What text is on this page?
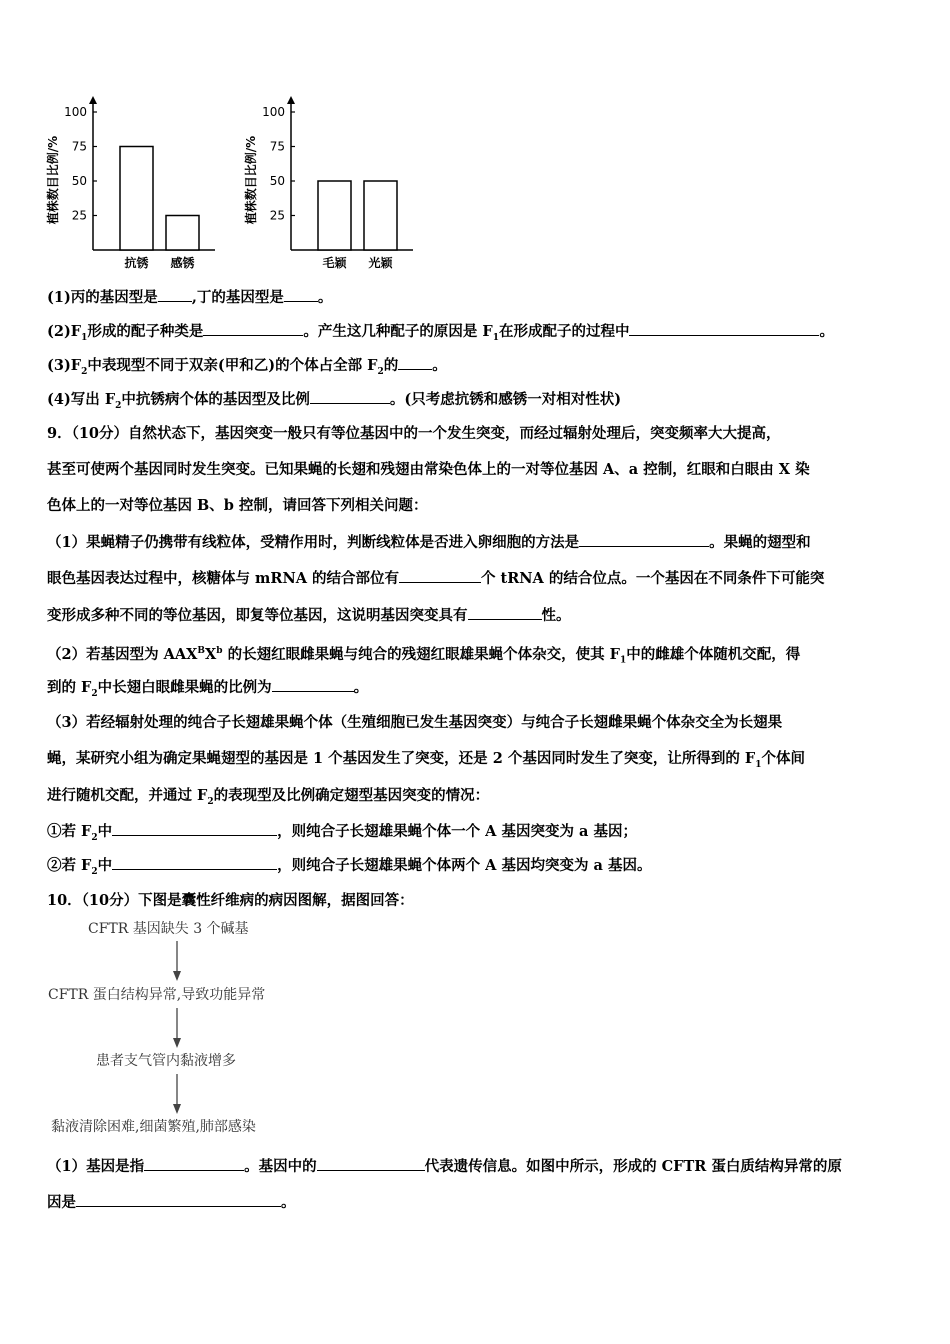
植株数目比例/%
100
75
50
25
抗锈 感锈
植株数目比例/%
100
75
50
25
毛颖 光颖
(1)丙的基因型是 ,丁的基因型是 。
$(2)F_1$形成的配子种类是	。产生这几种配子的原因是 $F_1$在形成配子的过程中	。
$(3)F_2$中表现型不同于双亲(甲和乙)的个体占全部 $F_2$的 。
(4)写出 $F_2$中抗锈病个体的基因型及比例	。(只考虑抗锈和感锈一对相对性状)
9．（10分）自然状态下，基因突变一般只有等位基因中的一个发生突变，而经过辐射处理后，突变频率大大提高，
甚至可使两个基因同时发生突变。已知果蝇的长翅和残翅由常染色体上的一对等位基因 A、a 控制，红眼和白眼由 X 染
色体上的一对等位基因 B、b 控制，请回答下列相关问题：
（1）果蝇精子仍携带有线粒体，受精作用时，判断线粒体是否进入卵细胞的方法是	。果蝇的翅型和
眼色基因表达过程中，核糖体与 mRNA 的结合部位有	个 tRNA 的结合位点。一个基因在不同条件下可能突
变形成多种不同的等位基因，即复等位基因，这说明基因突变具有	性。
（2）若基因型为 $AAX^BX^b$ 的长翅红眼雌果蝇与纯合的残翅红眼雄果蝇个体杂交，使其 $F_1$中的雌雄个体随机交配，得
到的 $F_2$中长翅白眼雌果蝇的比例为	。
（3）若经辐射处理的纯合子长翅雄果蝇个体（生殖细胞已发生基因突变）与纯合子长翅雌果蝇个体杂交全为长翅果
蝇，某研究小组为确定果蝇翅型的基因是 1 个基因发生了突变，还是 2 个基因同时发生了突变，让所得到的 $F_1$个体间
进行随机交配，并通过 $F_2$的表现型及比例确定翅型基因突变的情况：
①若 $F_2$中	，则纯合子长翅雄果蝇个体一个 A 基因突变为 a 基因；
②若 $F_2$中	，则纯合子长翅雄果蝇个体两个 A 基因均突变为 a 基因。
10．（10分）下图是囊性纤维病的病因图解，据图回答：
CFTR 基因缺失 3 个碱基
CFTR 蛋白结构异常,导致功能异常
患者支气管内黏液增多
黏液清除困难,细菌繁殖,肺部感染
（1）基因是指	。基因中的	代表遗传信息。如图中所示，形成的 CFTR 蛋白质结构异常的原
因是	。
